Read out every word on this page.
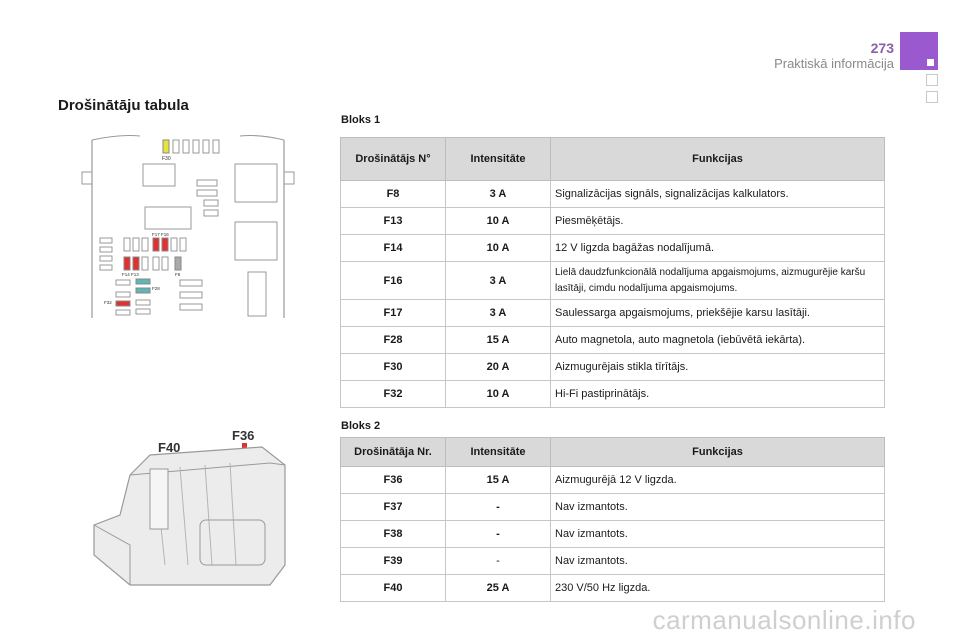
273
Praktiskā informācija
Drošinātāju tabula
F30
F17 F16
F14 F13	F8
F28
F32
F40
F36
Bloks 1
Drošinātājs N°	Intensitāte	Funkcijas
F8	3 A	Signalizācijas signāls, signalizācijas kalkulators.
F13	10 A	Piesmēķētājs.
F14	10 A	12 V ligzda bagāžas nodalījumā.
F16	3 A	Lielā daudzfunkcionālā nodalījuma apgaismojums, aizmugurējie karšu lasītāji, cimdu nodalījuma apgaismojums.
F17	3 A	Saulessarga apgaismojums, priekšējie karsu lasītāji.
F28	15 A	Auto magnetola, auto magnetola (iebūvētā iekārta).
F30	20 A	Aizmugurējais stikla tīrītājs.
F32	10 A	Hi-Fi pastiprinātājs.
Bloks 2
Drošinātāja Nr.	Intensitāte	Funkcijas
F36	15 A	Aizmugurējā 12 V ligzda.
F37	-	Nav izmantots.
F38	-	Nav izmantots.
F39	-	Nav izmantots.
F40	25 A	230 V/50 Hz ligzda.
carmanualsonline.info
